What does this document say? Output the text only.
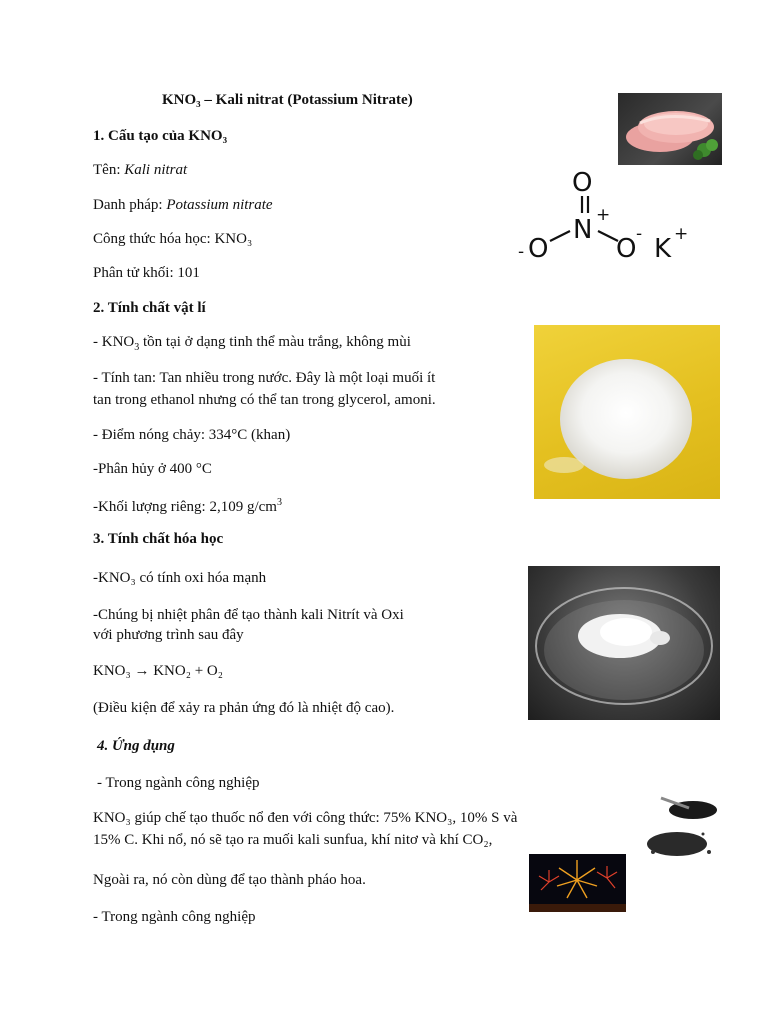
KNO₃ – Kali nitrat (Potassium Nitrate)
1. Cấu tạo của KNO₃
Tên: Kali nitrat
Danh pháp: Potassium nitrate
Công thức hóa học: KNO₃
Phân tử khối: 101
O
N +
- O	O - K +
2. Tính chất vật lí
- $KNO_3$ tồn tại ở dạng tinh thể màu trắng, không mùi
- Tính tan: Tan nhiều trong nước. Đây là một loại muối ít
tan trong ethanol nhưng có thể tan trong glycerol, amoni.
- Điểm nóng chảy: 334°C (khan)
-Phân hủy ở 400 °C
-Khối lượng riêng: 2,109 $g/cm^3$
3. Tính chất hóa học
-KNO₃ có tính oxi hóa mạnh
-Chúng bị nhiệt phân để tạo thành kali Nitrít và Oxi
với phương trình sau đây
KNO₃ → KNO₂ + O₂
(Điều kiện để xảy ra phản ứng đó là nhiệt độ cao).
4. Ứng dụng
- Trong ngành công nghiệp
KNO₃ giúp chế tạo thuốc nổ đen với công thức: 75% KNO₃, 10% S và
15% C. Khi nổ, nó sẽ tạo ra muối kali sunfua, khí nitơ và khí CO₂,
Ngoài ra, nó còn dùng để tạo thành pháo hoa.
- Trong ngành công nghiệp
